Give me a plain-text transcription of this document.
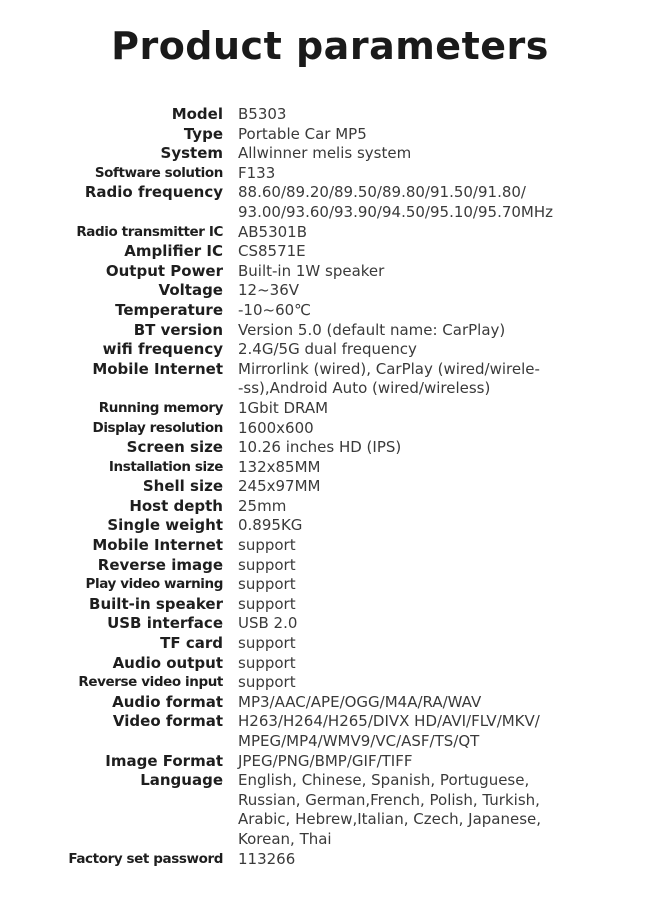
Product parameters
Model B5303
Type Portable Car MP5
System Allwinner melis system
Software solution F133
Radio frequency 88.60/89.20/89.50/89.80/91.50/91.80/
93.00/93.60/93.90/94.50/95.10/95.70MHz
Radio transmitter IC AB5301B
Amplifier IC CS8571E
Output Power Built-in 1W speaker
Voltage 12~36V
Temperature -10~60℃
BT version Version 5.0 (default name: CarPlay)
wifi frequency 2.4G/5G dual frequency
Mobile Internet Mirrorlink (wired), CarPlay (wired/wirele-
-ss),Android Auto (wired/wireless)
Running memory 1Gbit DRAM
Display resolution 1600x600
Screen size 10.26 inches HD (IPS)
Installation size 132x85MM
Shell size 245x97MM
Host depth 25mm
Single weight 0.895KG
Mobile Internet support
Reverse image support
Play video warning support
Built-in speaker support
USB interface USB 2.0
TF card support
Audio output support
Reverse video input support
Audio format MP3/AAC/APE/OGG/M4A/RA/WAV
Video format H263/H264/H265/DIVX HD/AVI/FLV/MKV/
MPEG/MP4/WMV9/VC/ASF/TS/QT
Image Format JPEG/PNG/BMP/GIF/TIFF
Language English, Chinese, Spanish, Portuguese,
Russian, German,French, Polish, Turkish,
Arabic, Hebrew,Italian, Czech, Japanese,
Korean, Thai
Factory set password 113266
